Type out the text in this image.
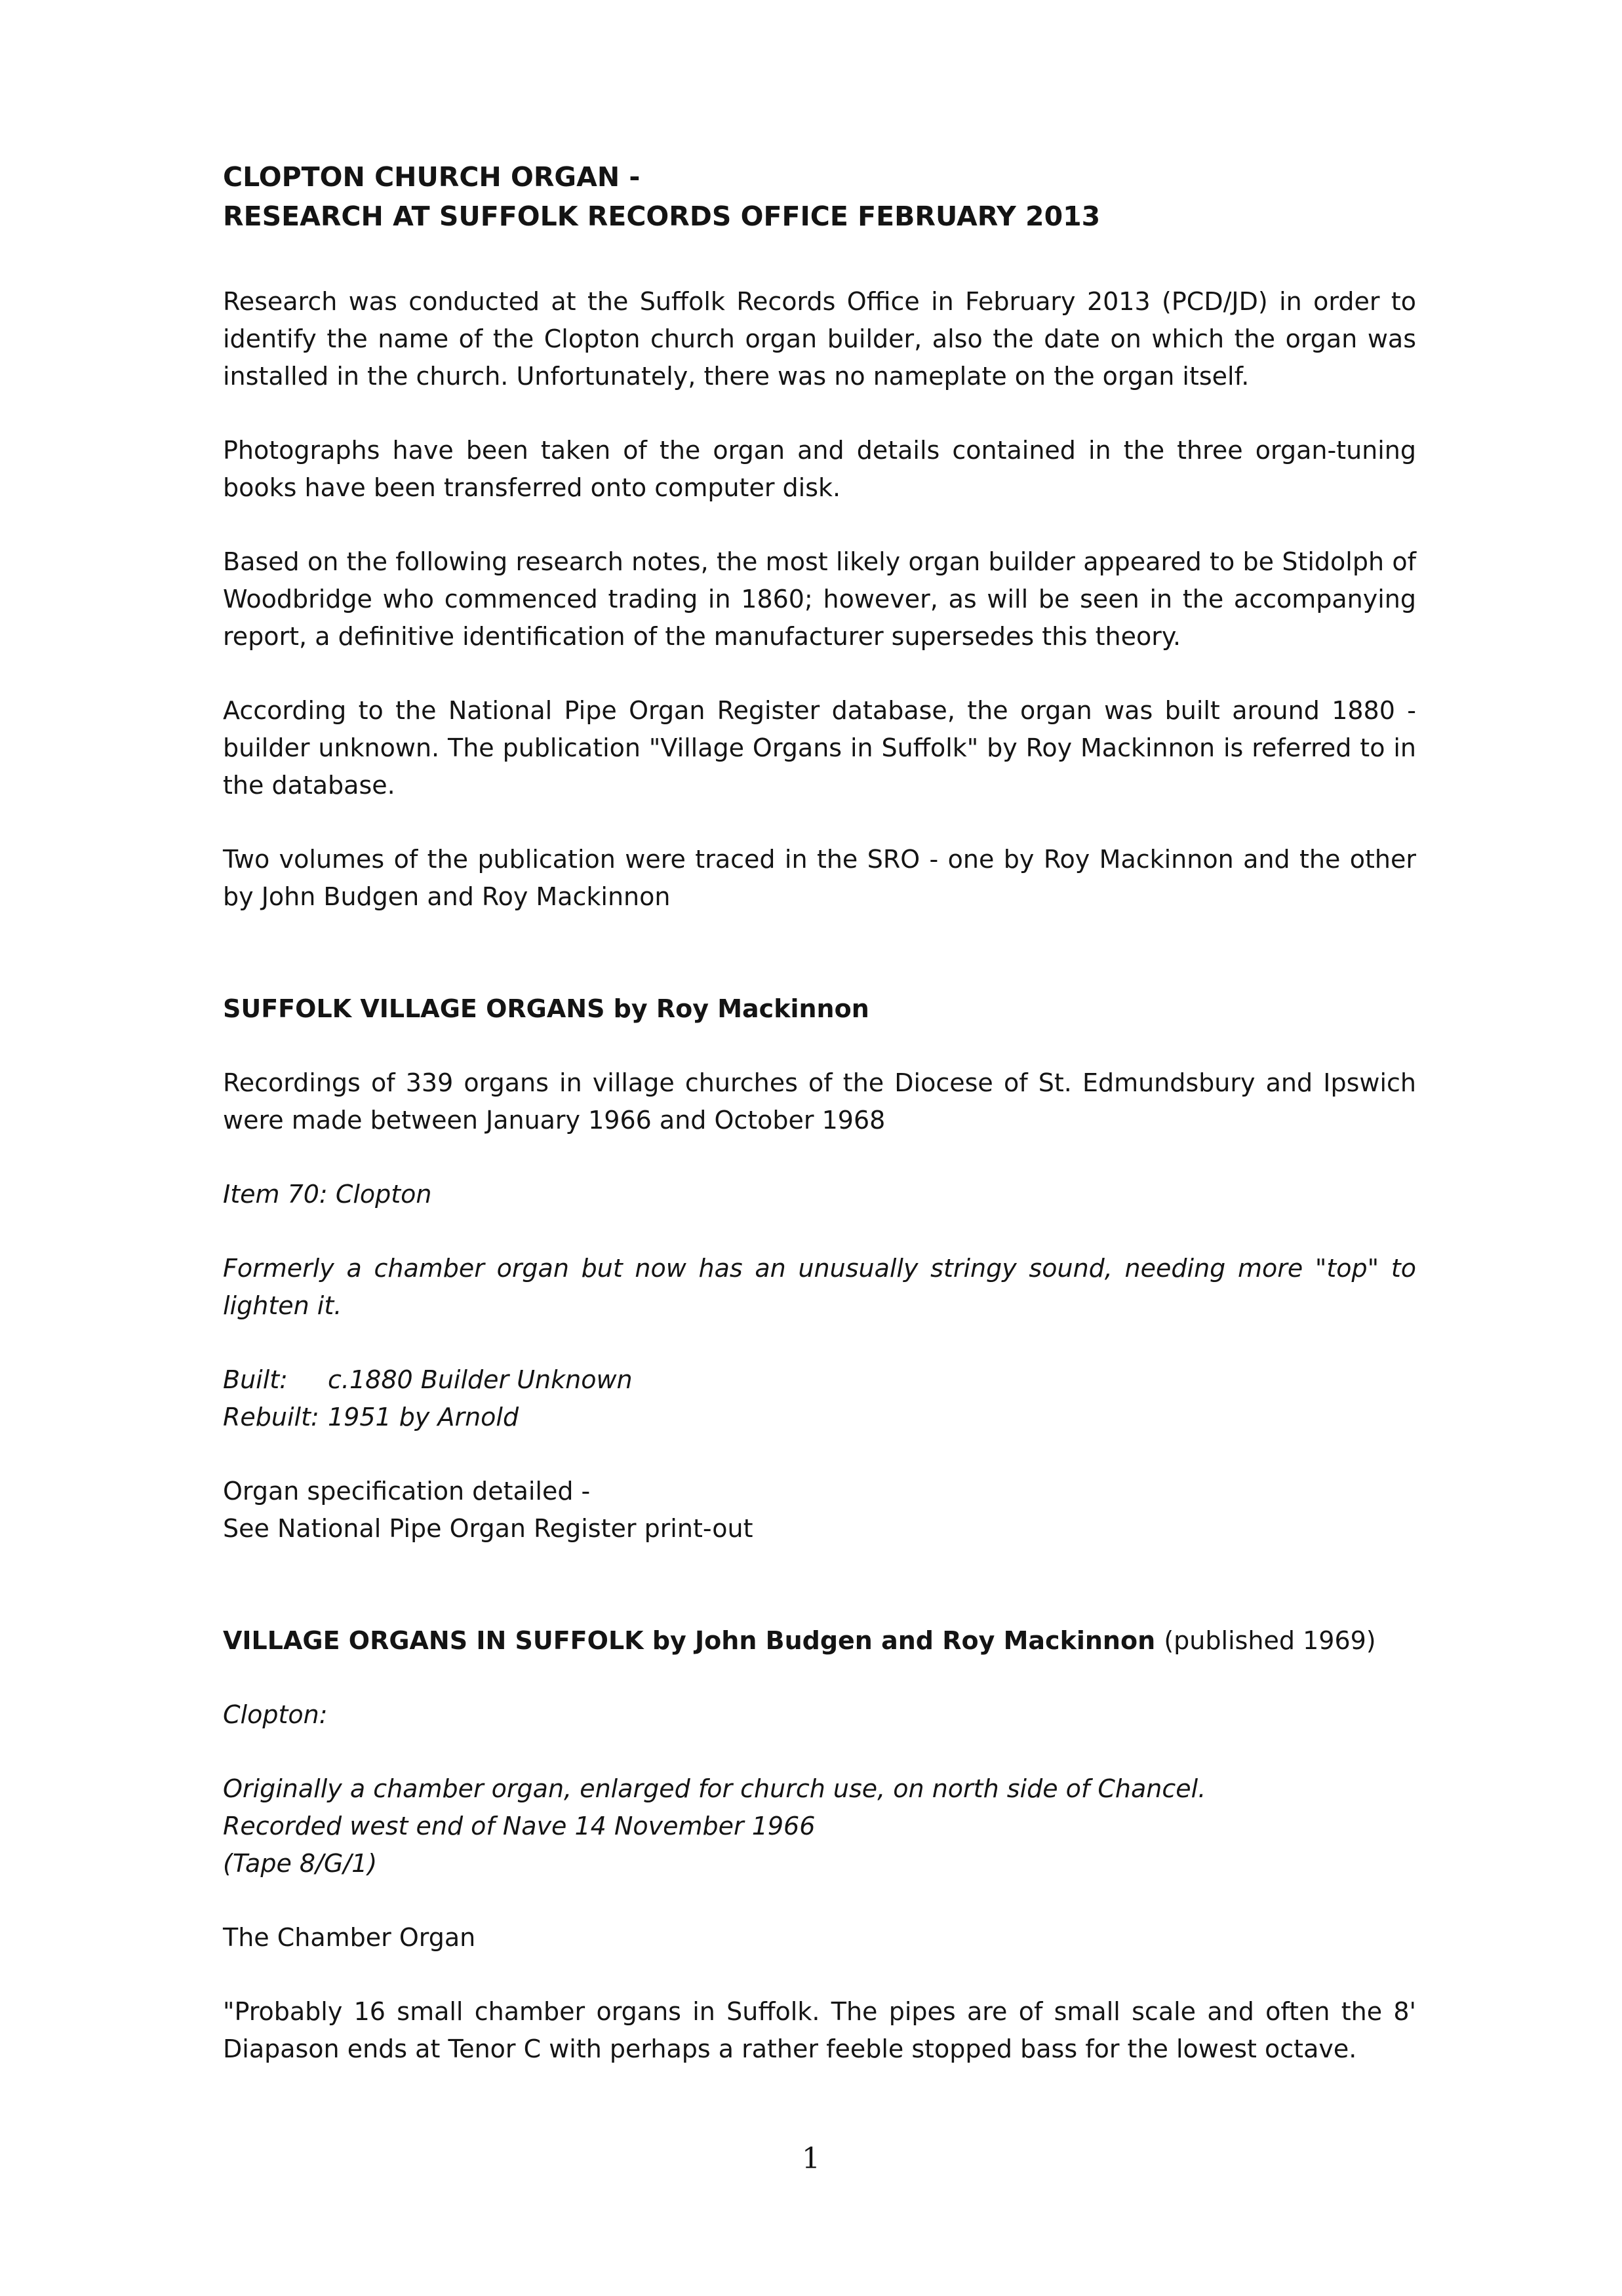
CLOPTON CHURCH ORGAN -
RESEARCH AT SUFFOLK RECORDS OFFICE FEBRUARY 2013

Research was conducted at the Suffolk Records Office in February 2013 (PCD/JD) in order to identify the name of the Clopton church organ builder, also the date on which the organ was installed in the church. Unfortunately, there was no nameplate on the organ itself.

Photographs have been taken of the organ and details contained in the three organ-tuning books have been transferred onto computer disk.

Based on the following research notes, the most likely organ builder appeared to be Stidolph of Woodbridge who commenced trading in 1860; however, as will be seen in the accompanying report, a definitive identification of the manufacturer supersedes this theory.

According to the National Pipe Organ Register database, the organ was built around 1880 - builder unknown. The publication "Village Organs in Suffolk" by Roy Mackinnon is referred to in the database.

Two volumes of the publication were traced in the SRO - one by Roy Mackinnon and the other by John Budgen and Roy Mackinnon

SUFFOLK VILLAGE ORGANS by Roy Mackinnon

Recordings of 339 organs in village churches of the Diocese of St. Edmundsbury and Ipswich were made between January 1966 and October 1968

Item 70: Clopton

Formerly a chamber organ but now has an unusually stringy sound, needing more "top" to lighten it.

Built: c.1880 Builder Unknown

Rebuilt: 1951 by Arnold

Organ specification detailed -
See National Pipe Organ Register print-out
VILLAGE ORGANS IN SUFFOLK by John Budgen and Roy Mackinnon (published 1969)

Clopton:

Originally a chamber organ, enlarged for church use, on north side of Chancel.
Recorded west end of Nave 14 November 1966

(Tape 8/G/1)

The Chamber Organ

"Probably 16 small chamber organs in Suffolk. The pipes are of small scale and often the 8' Diapason ends at Tenor C with perhaps a rather feeble stopped bass for the lowest octave.

1
